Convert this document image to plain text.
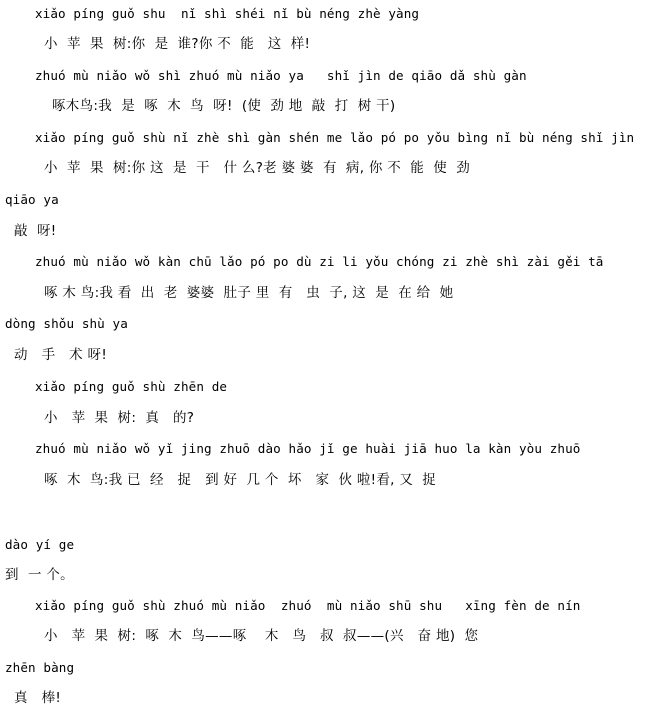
xiǎo píng guǒ shu  nǐ shì shéi nǐ bù néng zhè yàng
小  苹  果  树:你  是  谁?你 不  能   这  样!
zhuó mù niǎo wǒ shì zhuó mù niǎo ya   shǐ jìn de qiāo dǎ shù gàn
啄木鸟:我  是  啄  木  鸟  呀!  (使  劲 地  敲  打  树 干)
xiǎo píng guǒ shù nǐ zhè shì gàn shén me lǎo pó po yǒu bìng nǐ bù néng shǐ jìn
小  苹  果  树:你 这  是  干   什 么?老 婆 婆  有  病, 你 不  能  使  劲
qiāo ya
敲  呀!
zhuó mù niǎo wǒ kàn chū lǎo pó po dù zi li yǒu chóng zi zhè shì zài gěi tā
啄 木 鸟:我 看  出  老  婆婆  肚子 里  有   虫  子, 这  是  在 给  她
dòng shǒu shù ya
动   手   术 呀!
xiǎo píng guǒ shù zhēn de
小   苹  果  树:  真   的?
zhuó mù niǎo wǒ yǐ jing zhuō dào hǎo jǐ ge huài jiā huo la kàn yòu zhuō
啄  木  鸟:我 已  经   捉   到 好  几 个  坏   家  伙 啦!看, 又  捉
dào yí ge
到  一 个。
xiǎo píng guǒ shù zhuó mù niǎo  zhuó  mù niǎo shū shu   xīng fèn de nín
小   苹  果  树:  啄  木  鸟——啄    木   鸟   叔  叔——(兴   奋 地)  您
zhēn bàng
真   棒!
